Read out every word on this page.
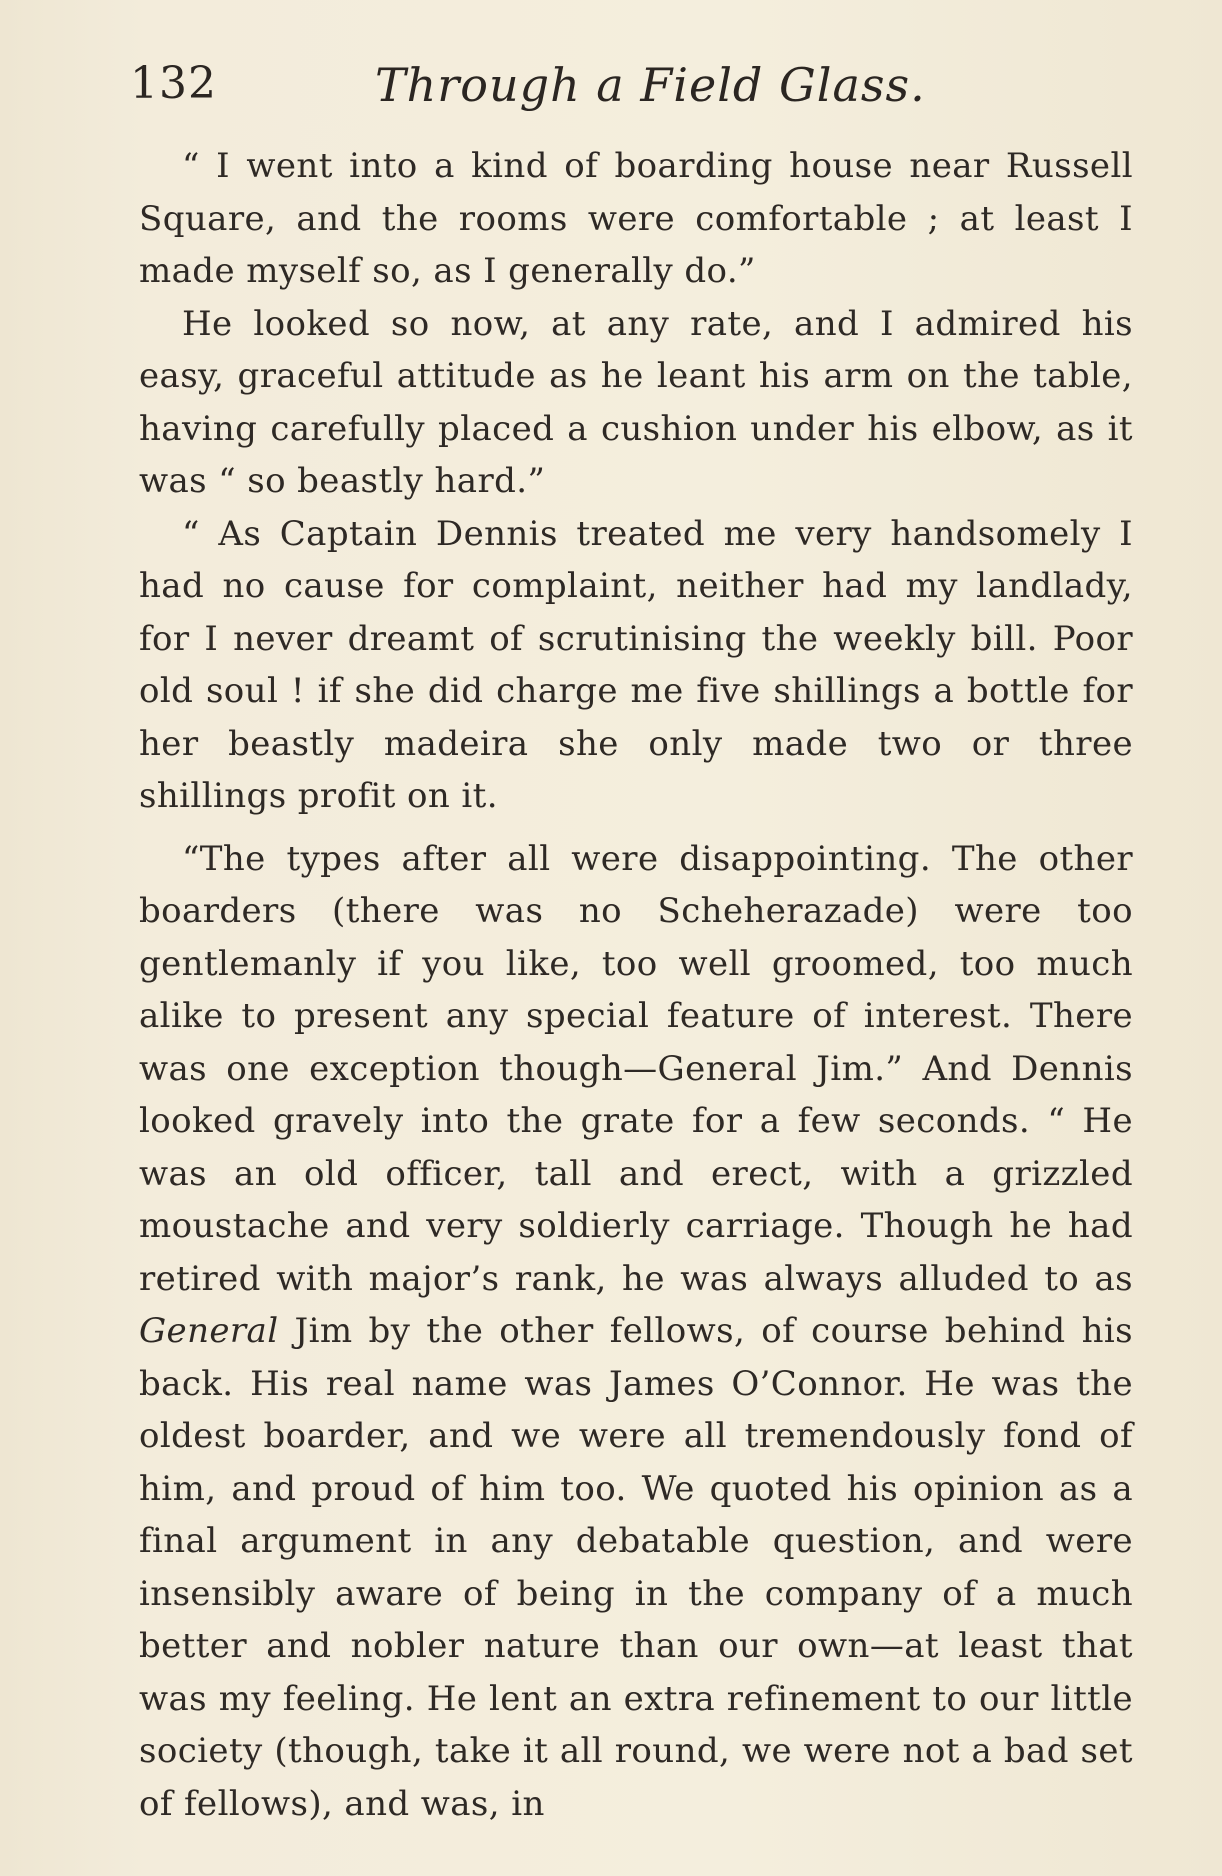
132	Through a Field Glass.

“ I went into a kind of boarding house near Russell Square, and the rooms were comfortable ; at least I made myself so, as I generally do.”

He looked so now, at any rate, and I admired his easy, graceful attitude as he leant his arm on the table, having carefully placed a cushion under his elbow, as it was “ so beastly hard.”

“ As Captain Dennis treated me very handsomely I had no cause for complaint, neither had my landlady, for I never dreamt of scrutinising the weekly bill. Poor old soul ! if she did charge me five shillings a bottle for her beastly madeira she only made two or three shillings profit on it.

“The types after all were disappointing. The other boarders (there was no Scheherazade) were too gentlemanly if you like, too well groomed, too much alike to present any special feature of interest. There was one exception though—General Jim.” And Dennis looked gravely into the grate for a few seconds. “ He was an old officer, tall and erect, with a grizzled moustache and very soldierly carriage. Though he had retired with major’s rank, he was always alluded to as General Jim by the other fellows, of course behind his back. His real name was James O’Connor. He was the oldest boarder, and we were all tremendously fond of him, and proud of him too. We quoted his opinion as a final argument in any debatable question, and were insensibly aware of being in the company of a much better and nobler nature than our own—at least that was my feeling. He lent an extra refinement to our little society (though, take it all round, we were not a bad set of fellows), and was, in
